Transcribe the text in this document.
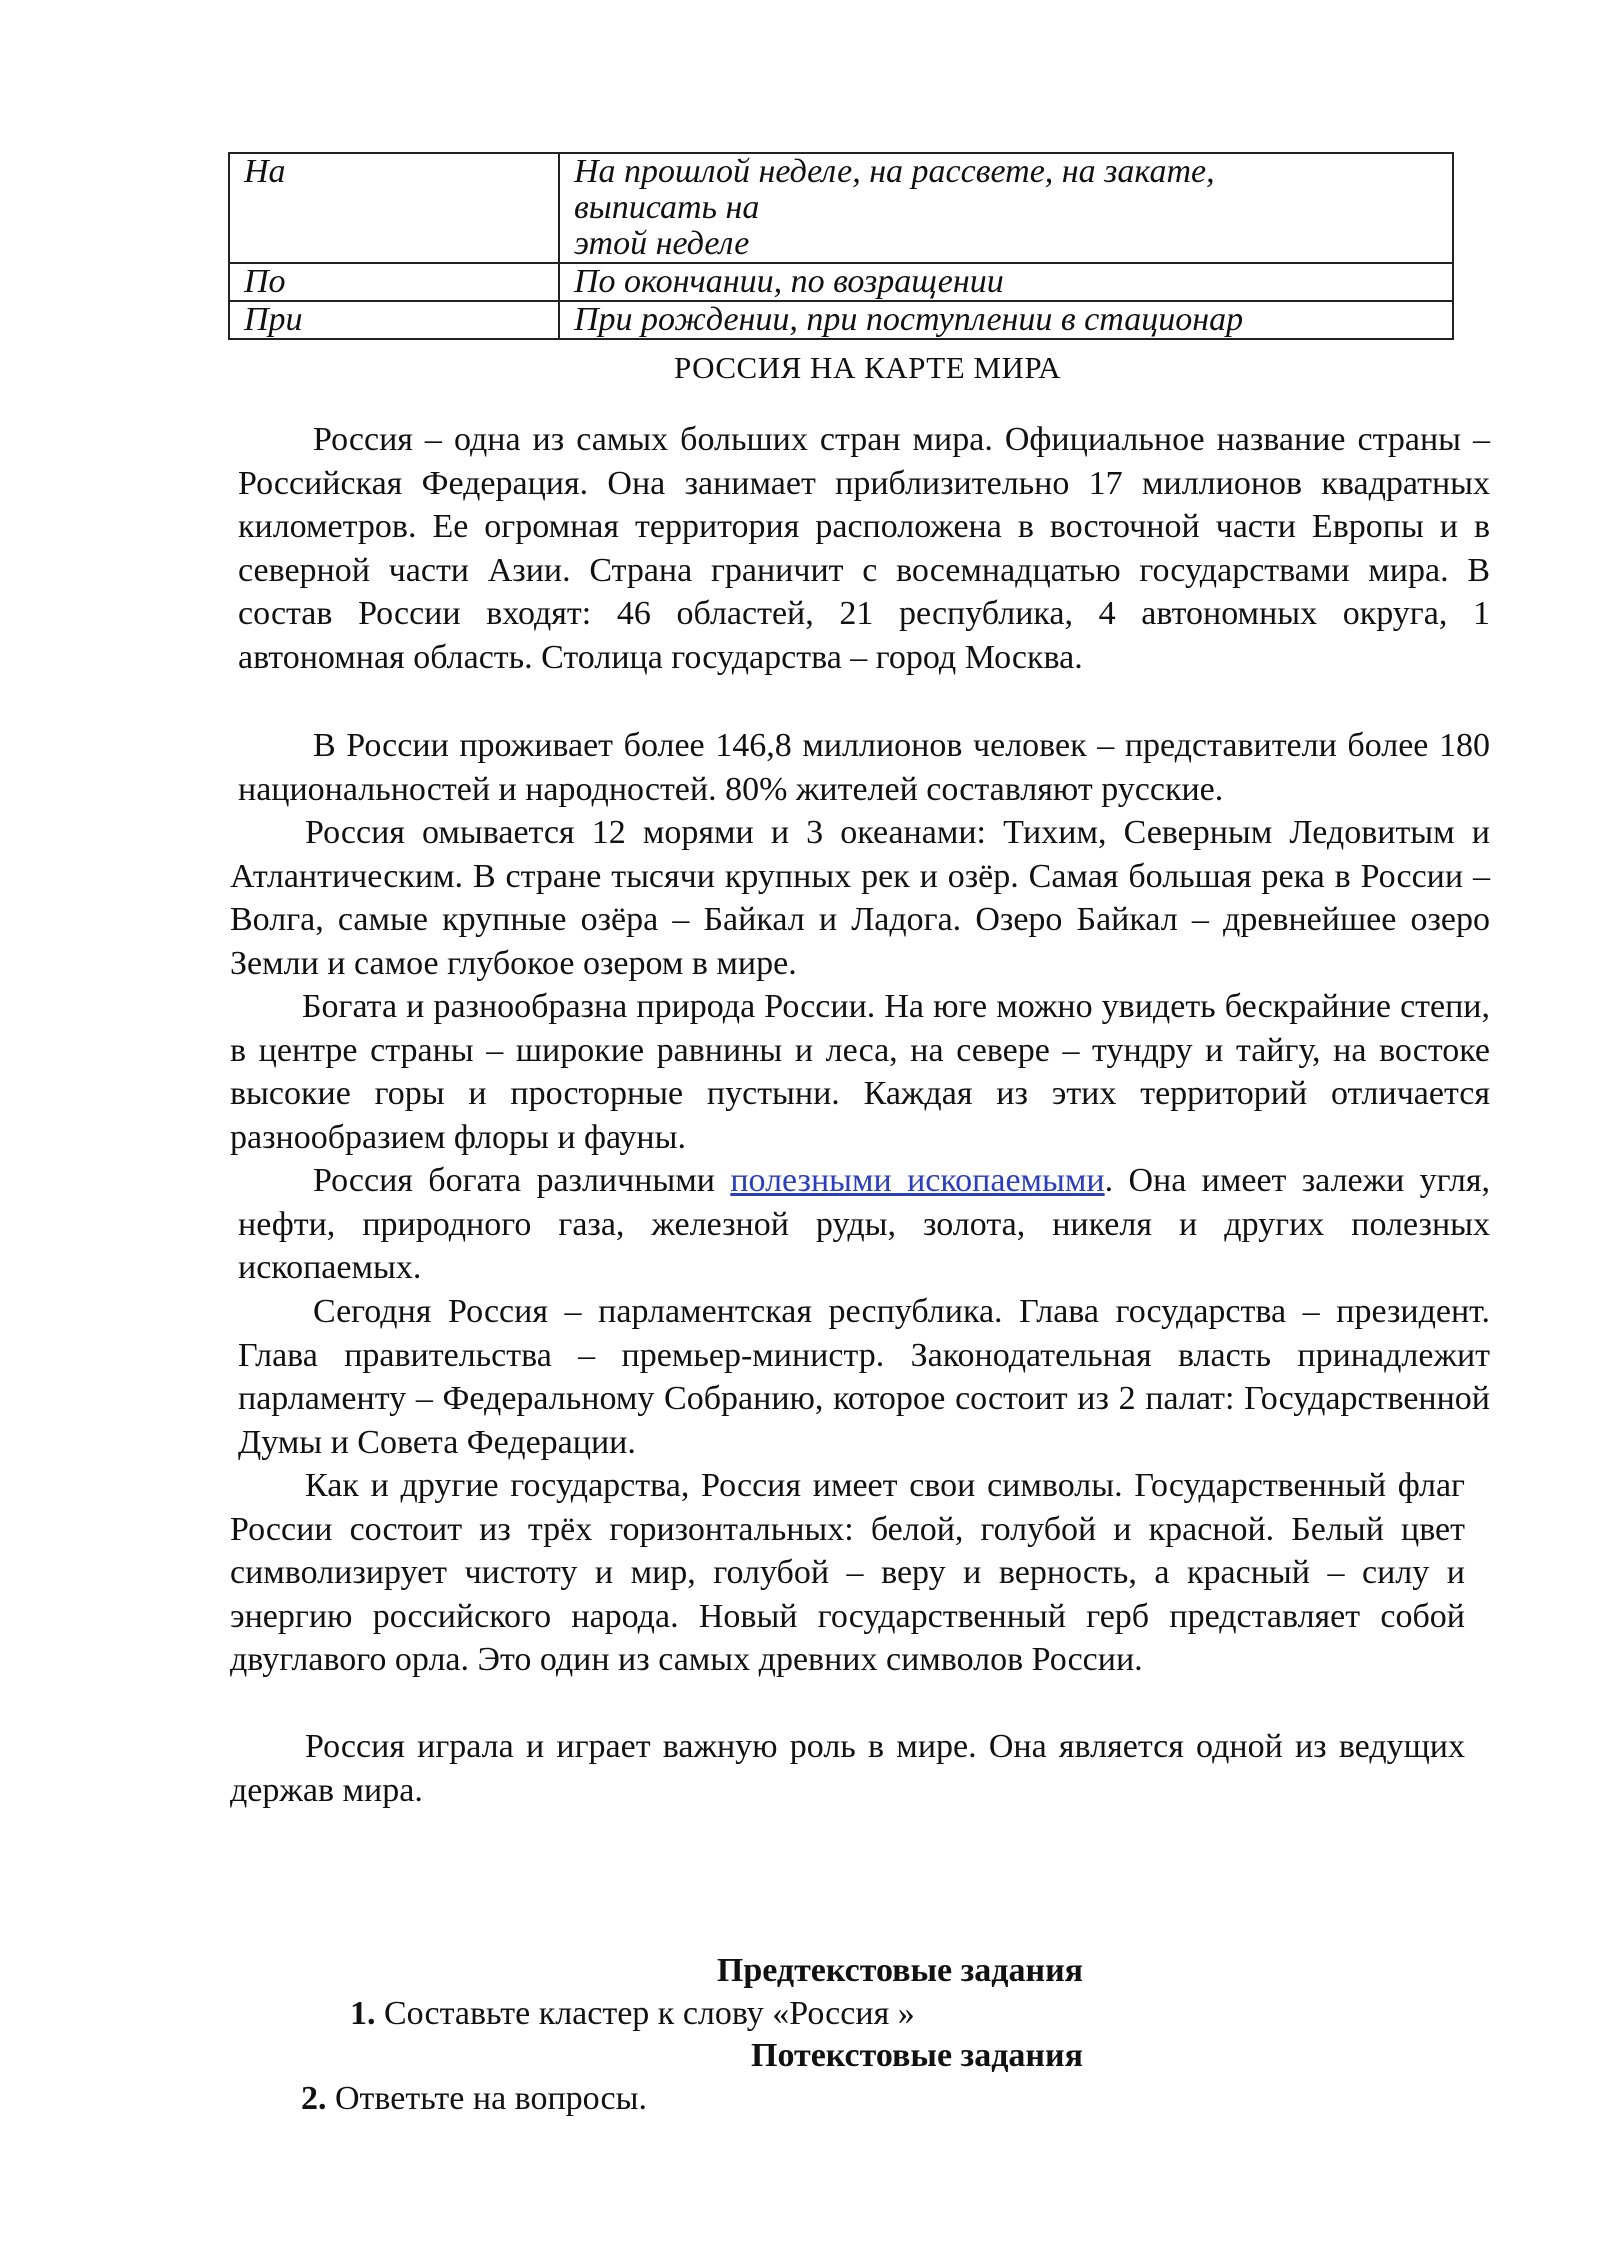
На	На прошлой неделе, на рассвете, на закате,
выписать на
этой неделе

По	По окончании, по возращении
При	При рождении, при поступлении в стационар
РОССИЯ НА КАРТЕ МИРА

Россия – одна из самых больших стран мира. Официальное название страны – Российская Федерация. Она занимает приблизительно 17 миллионов квадратных километров. Ее огромная территория расположена в восточной части Европы и в северной части Азии. Страна граничит с восемнадцатью государствами мира. В состав России входят: 46 областей, 21 республика, 4 автономных округа, 1 автономная область. Столица государства – город Москва.

В России проживает более 146,8 миллионов человек – представители более 180 национальностей и народностей. 80% жителей составляют русские.

Россия омывается 12 морями и 3 океанами: Тихим, Северным Ледовитым и Атлантическим. В стране тысячи крупных рек и озёр. Самая большая река в России – Волга, самые крупные озёра – Байкал и Ладога. Озеро Байкал – древнейшее озеро Земли и самое глубокое озером в мире.

Богата и разнообразна природа России. На юге можно увидеть бескрайние степи, в центре страны – широкие равнины и леса, на севере – тундру и тайгу, на востоке высокие горы и просторные пустыни. Каждая из этих территорий отличается разнообразием флоры и фауны.

Россия богата различными полезными ископаемыми. Она имеет залежи угля, нефти, природного газа, железной руды, золота, никеля и других полезных ископаемых.

Сегодня Россия – парламентская республика. Глава государства – президент. Глава правительства – премьер-министр. Законодательная власть принадлежит парламенту – Федеральному Собранию, которое состоит из 2 палат: Государственной Думы и Совета Федерации.

Как и другие государства, Россия имеет свои символы. Государственный флаг России состоит из трёх горизонтальных: белой, голубой и красной. Белый цвет символизирует чистоту и мир, голубой – веру и верность, а красный – силу и энергию российского народа. Новый государственный герб представляет собой двуглавого орла. Это один из самых древних символов России.

Россия играла и играет важную роль в мире. Она является одной из ведущих держав мира.

Предтекстовые задания
1. Составьте кластер к слову «Россия »
Потекстовые задания
2. Ответьте на вопросы.
